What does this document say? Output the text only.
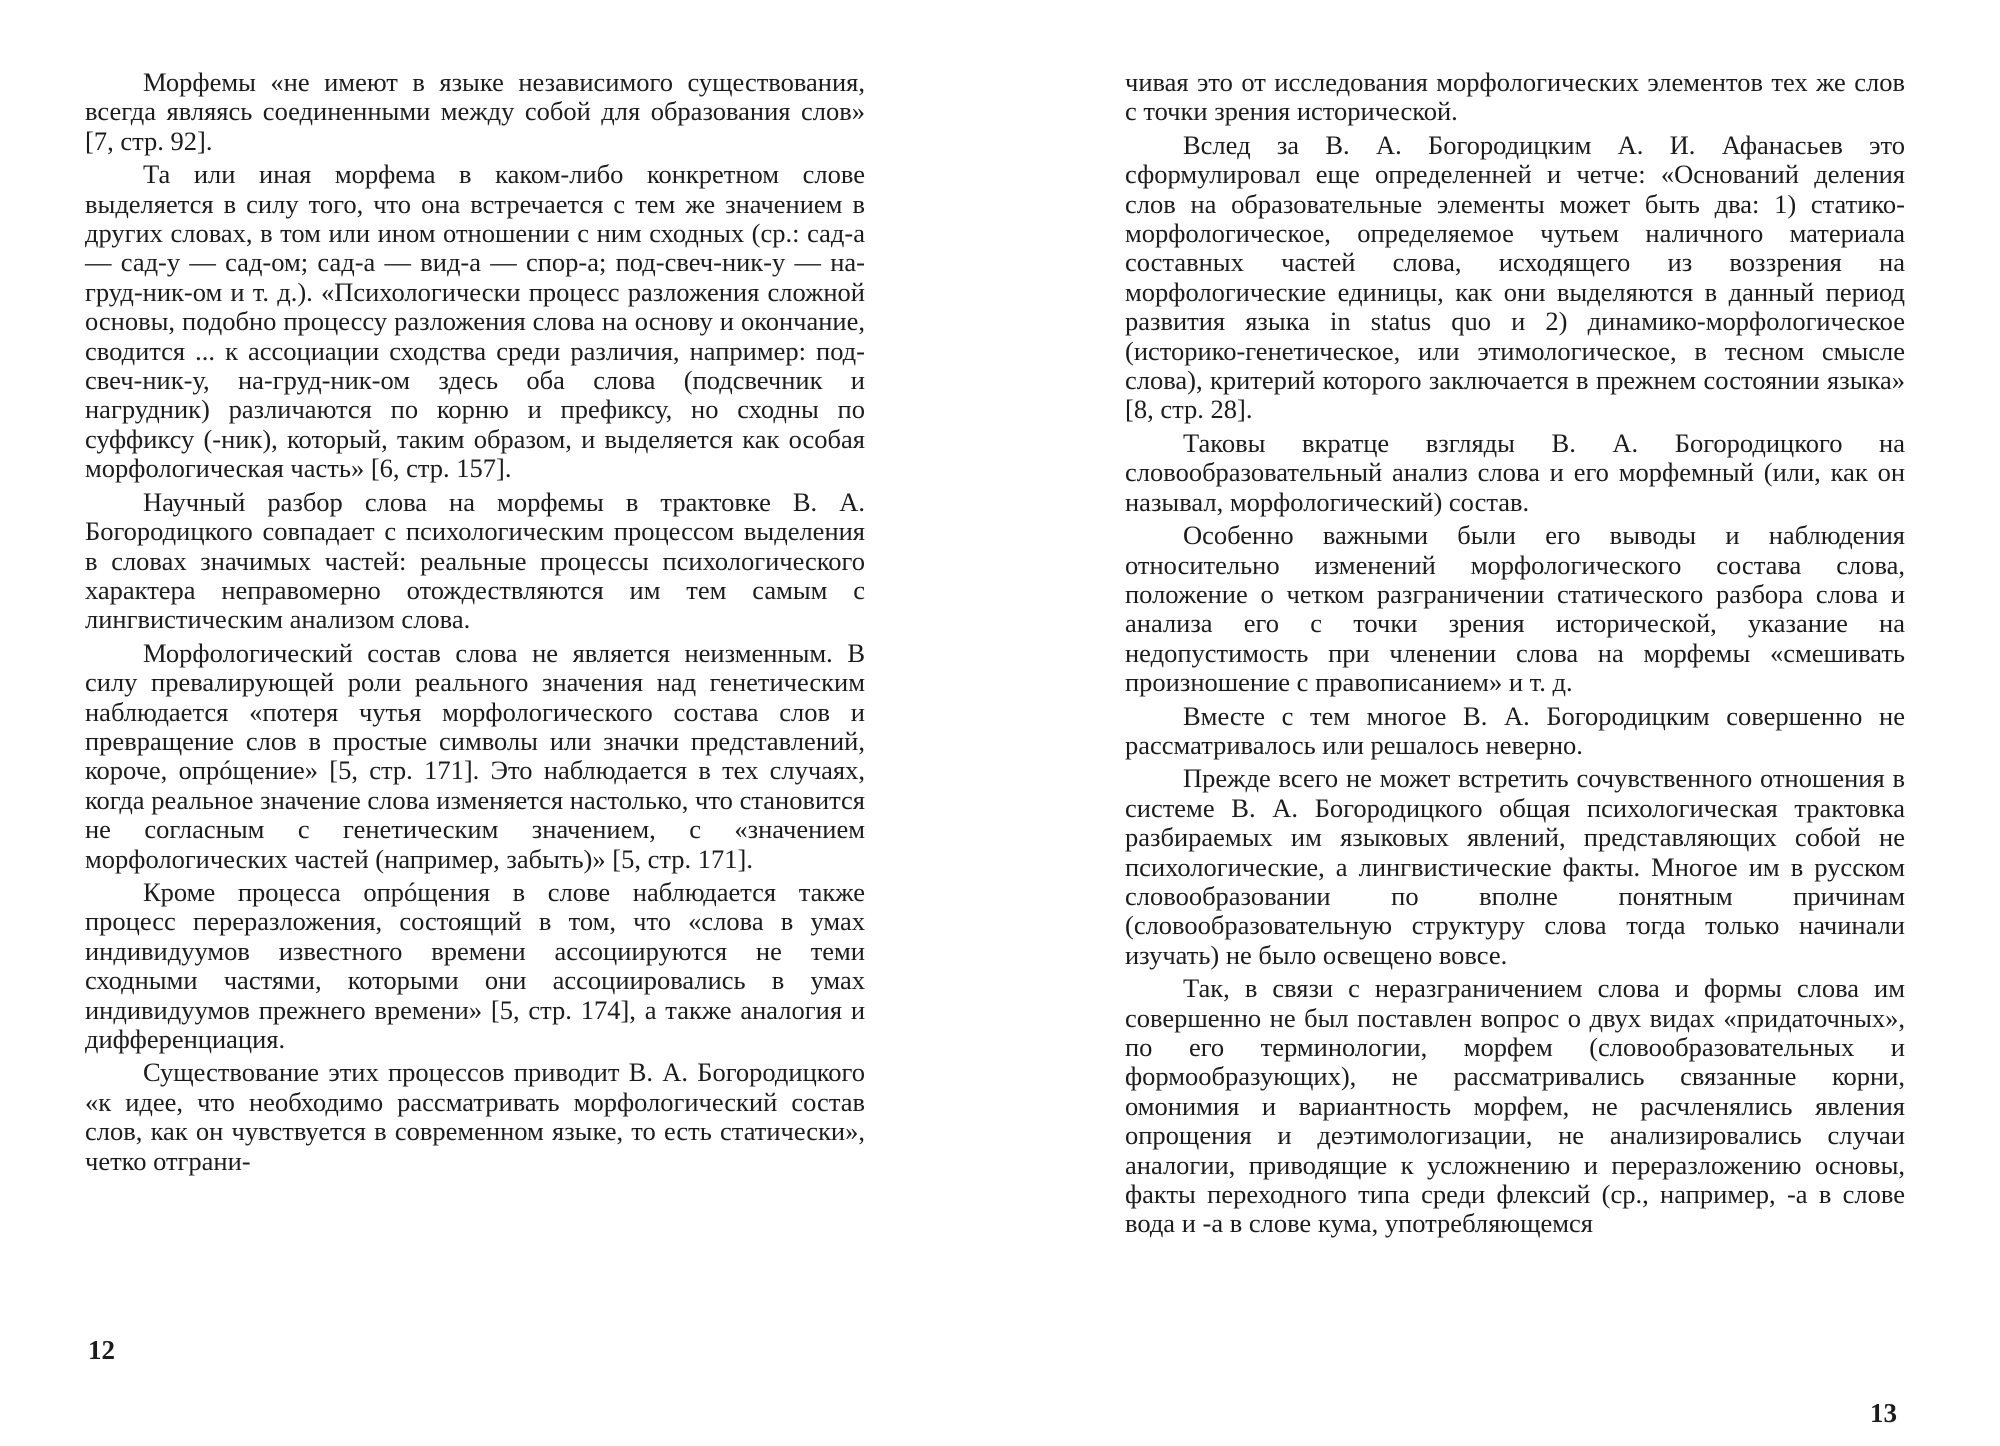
Морфемы «не имеют в языке независимого существования, всегда являясь соединенными между собой для образования слов» [7, стр. 92].

Та или иная морфема в каком-либо конкретном слове выделяется в силу того, что она встречается с тем же значением в других словах, в том или ином отношении с ним сходных (ср.: сад-а — сад-у — сад-ом; сад-а — вид-а — спор-а; под-свеч-ник-у — на-груд-ник-ом и т. д.). «Психологически процесс разложения сложной основы, подобно процессу разложения слова на основу и окончание, сводится ... к ассоциации сходства среди различия, например: под-свеч-ник-у, на-груд-ник-ом здесь оба слова (подсвечник и нагрудник) различаются по корню и префиксу, но сходны по суффиксу (-ник), который, таким образом, и выделяется как особая морфологическая часть» [6, стр. 157].

Научный разбор слова на морфемы в трактовке В. А. Богородицкого совпадает с психологическим процессом выделения в словах значимых частей: реальные процессы психологического характера неправомерно отождествляются им тем самым с лингвистическим анализом слова.

Морфологический состав слова не является неизменным. В силу превалирующей роли реального значения над генетическим наблюдается «потеря чутья морфологического состава слов и превращение слов в простые символы или значки представлений, короче, опрóщение» [5, стр. 171]. Это наблюдается в тех случаях, когда реальное значение слова изменяется настолько, что становится не согласным с генетическим значением, с «значением морфологических частей (например, забыть)» [5, стр. 171].

Кроме процесса опрóщения в слове наблюдается также процесс переразложения, состоящий в том, что «слова в умах индивидуумов известного времени ассоциируются не теми сходными частями, которыми они ассоциировались в умах индивидуумов прежнего времени» [5, стр. 174], а также аналогия и дифференциация.

Существование этих процессов приводит В. А. Богородицкого «к идее, что необходимо рассматривать морфологический состав слов, как он чувствуется в современном языке, то есть статически», четко отграни-

12

чивая это от исследования морфологических элементов тех же слов с точки зрения исторической.

Вслед за В. А. Богородицким А. И. Афанасьев это сформулировал еще определенней и четче: «Оснований деления слов на образовательные элементы может быть два: 1) статико-морфологическое, определяемое чутьем наличного материала составных частей слова, исходящего из воззрения на морфологические единицы, как они выделяются в данный период развития языка in status quo и 2) динамико-морфологическое (историко-генетическое, или этимологическое, в тесном смысле слова), критерий которого заключается в прежнем состоянии языка» [8, стр. 28].

Таковы вкратце взгляды В. А. Богородицкого на словообразовательный анализ слова и его морфемный (или, как он называл, морфологический) состав.

Особенно важными были его выводы и наблюдения относительно изменений морфологического состава слова, положение о четком разграничении статического разбора слова и анализа его с точки зрения исторической, указание на недопустимость при членении слова на морфемы «смешивать произношение с правописанием» и т. д.

Вместе с тем многое В. А. Богородицким совершенно не рассматривалось или решалось неверно.

Прежде всего не может встретить сочувственного отношения в системе В. А. Богородицкого общая психологическая трактовка разбираемых им языковых явлений, представляющих собой не психологические, а лингвистические факты. Многое им в русском словообразовании по вполне понятным причинам (словообразовательную структуру слова тогда только начинали изучать) не было освещено вовсе.

Так, в связи с неразграничением слова и формы слова им совершенно не был поставлен вопрос о двух видах «придаточных», по его терминологии, морфем (словообразовательных и формообразующих), не рассматривались связанные корни, омонимия и вариантность морфем, не расчленялись явления опрощения и деэтимологизации, не анализировались случаи аналогии, приводящие к усложнению и переразложению основы, факты переходного типа среди флексий (ср., например, -а в слове вода и -а в слове кума, употребляющемся

13
